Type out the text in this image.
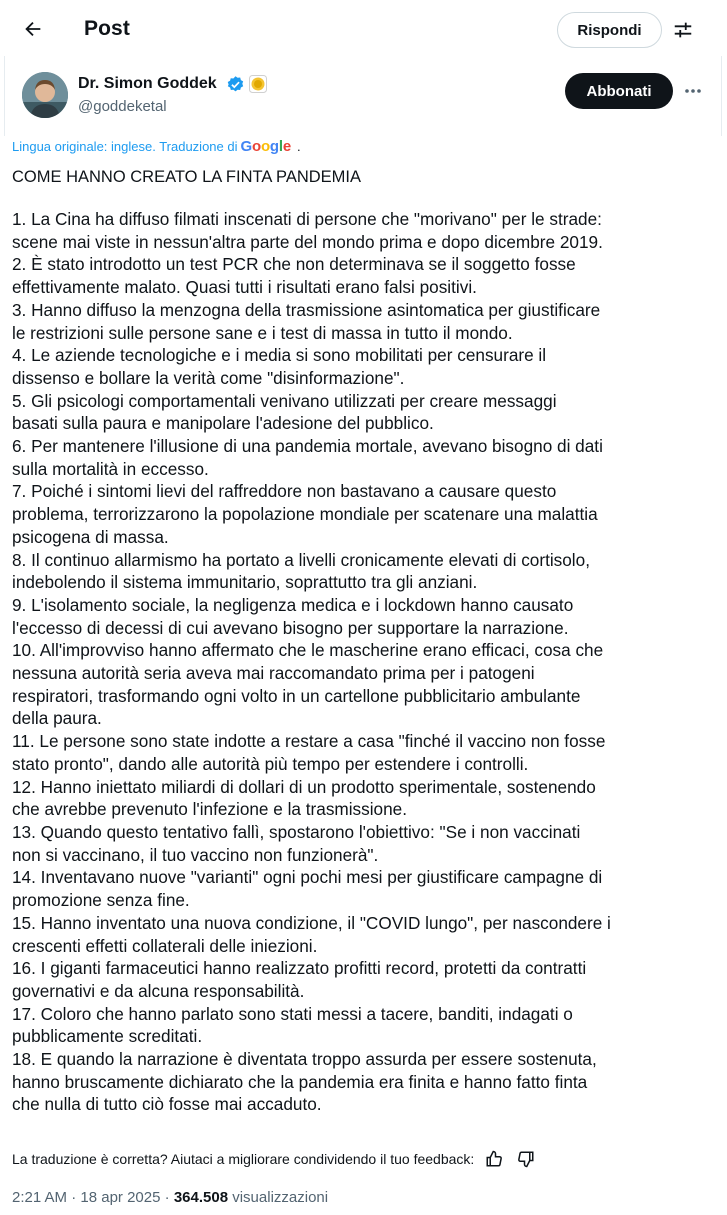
Post	Rispondi
Dr. Simon Goddek
@goddeketal
Abbonati
Lingua originale: inglese. Traduzione di Google .
COME HANNO CREATO LA FINTA PANDEMIA
1. La Cina ha diffuso filmati inscenati di persone che "morivano" per le strade:
scene mai viste in nessun'altra parte del mondo prima e dopo dicembre 2019.
2. È stato introdotto un test PCR che non determinava se il soggetto fosse
effettivamente malato. Quasi tutti i risultati erano falsi positivi.
3. Hanno diffuso la menzogna della trasmissione asintomatica per giustificare
le restrizioni sulle persone sane e i test di massa in tutto il mondo.
4. Le aziende tecnologiche e i media si sono mobilitati per censurare il
dissenso e bollare la verità come "disinformazione".
5. Gli psicologi comportamentali venivano utilizzati per creare messaggi
basati sulla paura e manipolare l'adesione del pubblico.
6. Per mantenere l'illusione di una pandemia mortale, avevano bisogno di dati
sulla mortalità in eccesso.
7. Poiché i sintomi lievi del raffreddore non bastavano a causare questo
problema, terrorizzarono la popolazione mondiale per scatenare una malattia
psicogena di massa.
8. Il continuo allarmismo ha portato a livelli cronicamente elevati di cortisolo,
indebolendo il sistema immunitario, soprattutto tra gli anziani.
9. L'isolamento sociale, la negligenza medica e i lockdown hanno causato
l'eccesso di decessi di cui avevano bisogno per supportare la narrazione.
10. All'improvviso hanno affermato che le mascherine erano efficaci, cosa che
nessuna autorità seria aveva mai raccomandato prima per i patogeni
respiratori, trasformando ogni volto in un cartellone pubblicitario ambulante
della paura.
11. Le persone sono state indotte a restare a casa "finché il vaccino non fosse
stato pronto", dando alle autorità più tempo per estendere i controlli.
12. Hanno iniettato miliardi di dollari di un prodotto sperimentale, sostenendo
che avrebbe prevenuto l'infezione e la trasmissione.
13. Quando questo tentativo fallì, spostarono l'obiettivo: "Se i non vaccinati
non si vaccinano, il tuo vaccino non funzionerà".
14. Inventavano nuove "varianti" ogni pochi mesi per giustificare campagne di
promozione senza fine.
15. Hanno inventato una nuova condizione, il "COVID lungo", per nascondere i
crescenti effetti collaterali delle iniezioni.
16. I giganti farmaceutici hanno realizzato profitti record, protetti da contratti
governativi e da alcuna responsabilità.
17. Coloro che hanno parlato sono stati messi a tacere, banditi, indagati o
pubblicamente screditati.
18. E quando la narrazione è diventata troppo assurda per essere sostenuta,
hanno bruscamente dichiarato che la pandemia era finita e hanno fatto finta
che nulla di tutto ciò fosse mai accaduto.
La traduzione è corretta? Aiutaci a migliorare condividendo il tuo feedback:
2:21 AM · 18 apr 2025 · 364.508 visualizzazioni
